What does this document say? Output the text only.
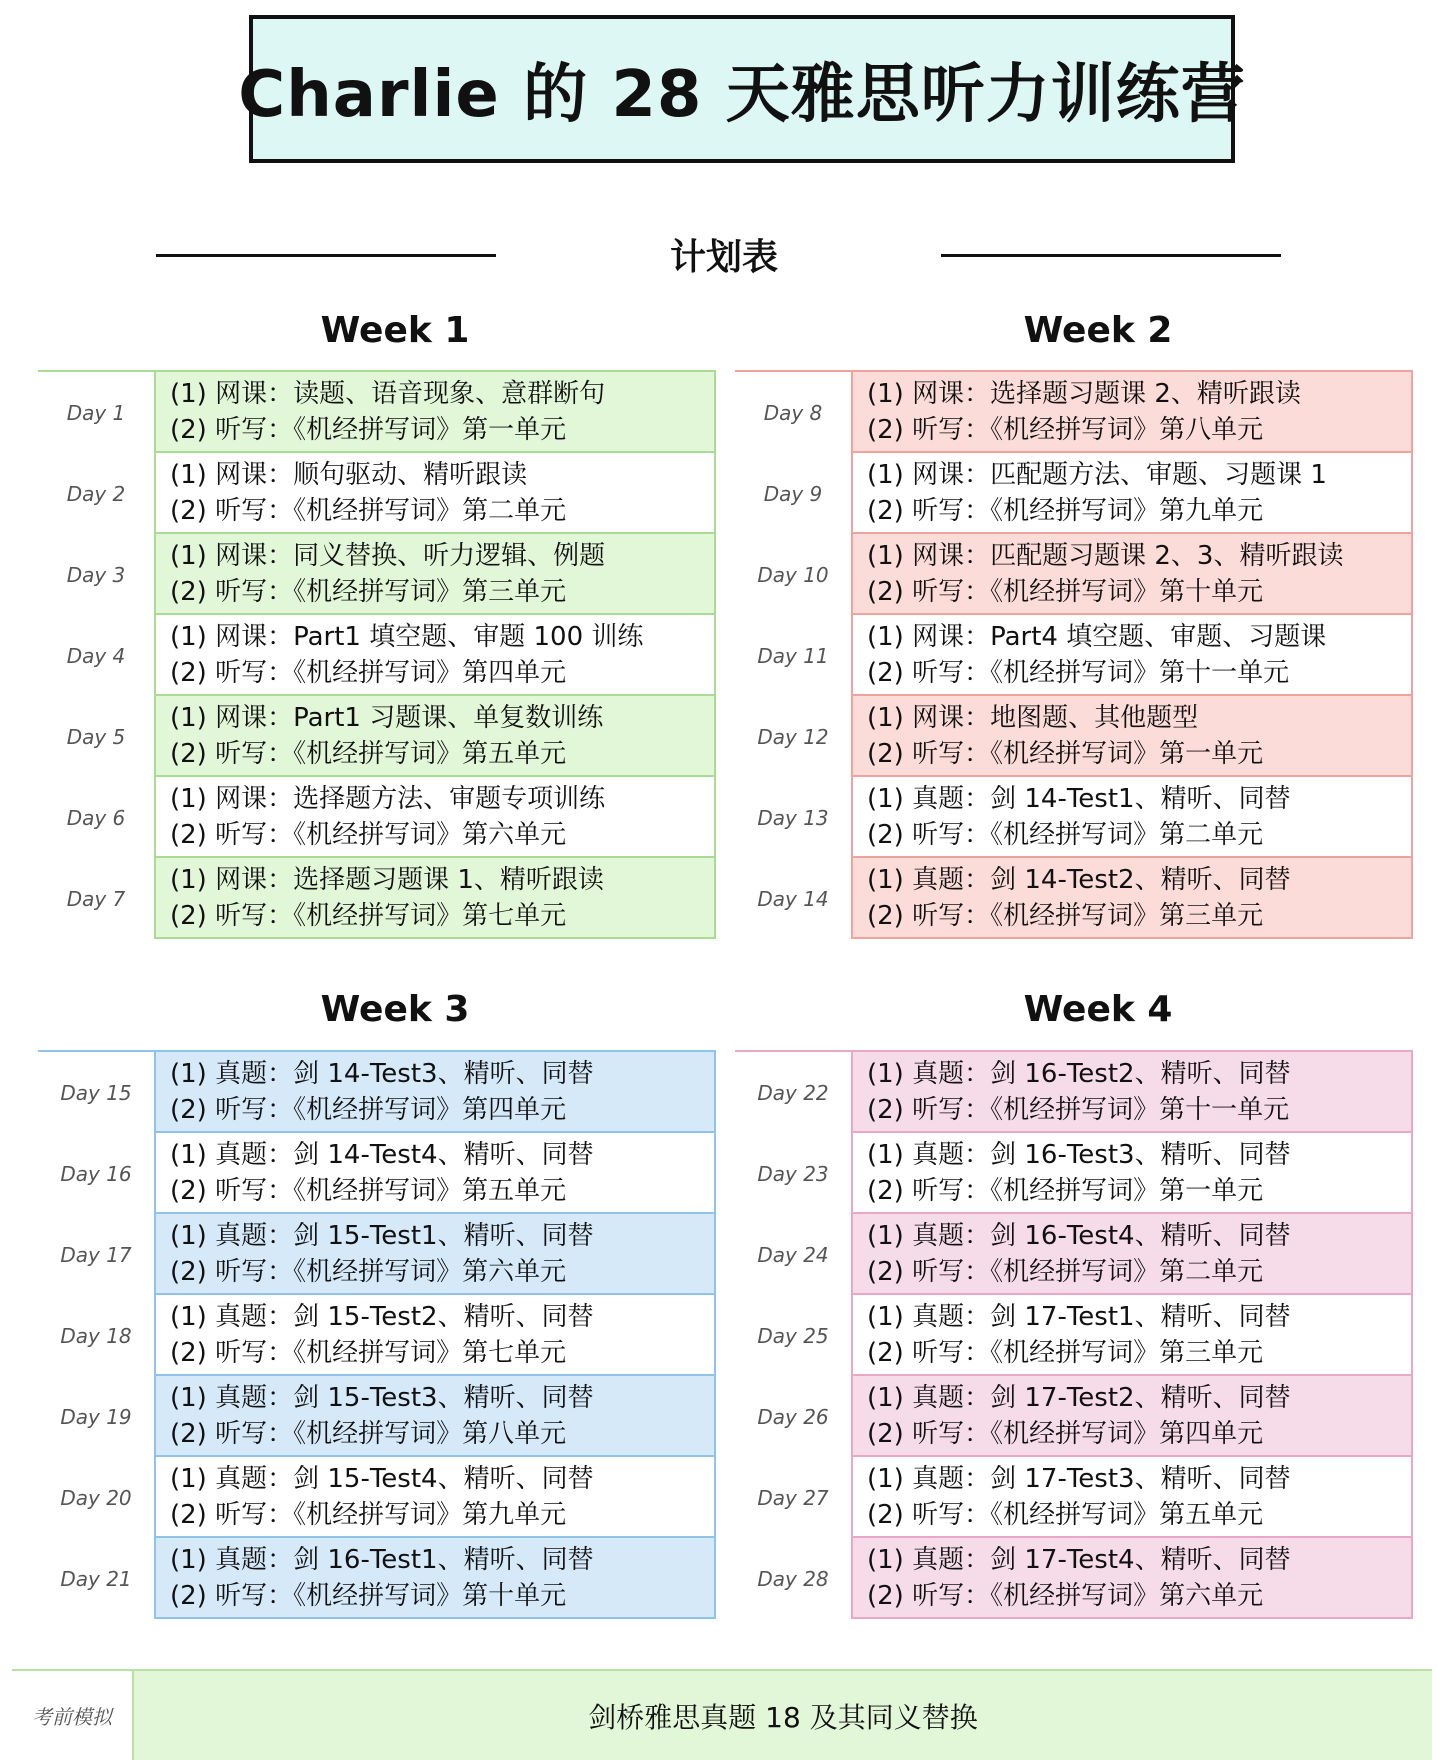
Charlie 的 28 天雅思听力训练营
计划表
Week 1
Day 1
(1) 网课：读题、语音现象、意群断句
(2) 听写：《机经拼写词》第一单元
Day 2
(1) 网课：顺句驱动、精听跟读
(2) 听写：《机经拼写词》第二单元
Day 3
(1) 网课：同义替换、听力逻辑、例题
(2) 听写：《机经拼写词》第三单元
Day 4
(1) 网课：Part1 填空题、审题 100 训练
(2) 听写：《机经拼写词》第四单元
Day 5
(1) 网课：Part1 习题课、单复数训练
(2) 听写：《机经拼写词》第五单元
Day 6
(1) 网课：选择题方法、审题专项训练
(2) 听写：《机经拼写词》第六单元
Day 7
(1) 网课：选择题习题课 1、精听跟读
(2) 听写：《机经拼写词》第七单元
Week 2
Day 8
(1) 网课：选择题习题课 2、精听跟读
(2) 听写：《机经拼写词》第八单元
Day 9
(1) 网课：匹配题方法、审题、习题课 1
(2) 听写：《机经拼写词》第九单元
Day 10
(1) 网课：匹配题习题课 2、3、精听跟读
(2) 听写：《机经拼写词》第十单元
Day 11
(1) 网课：Part4 填空题、审题、习题课
(2) 听写：《机经拼写词》第十一单元
Day 12
(1) 网课：地图题、其他题型
(2) 听写：《机经拼写词》第一单元
Day 13
(1) 真题：剑 14-Test1、精听、同替
(2) 听写：《机经拼写词》第二单元
Day 14
(1) 真题：剑 14-Test2、精听、同替
(2) 听写：《机经拼写词》第三单元
Week 3
Day 15
(1) 真题：剑 14-Test3、精听、同替
(2) 听写：《机经拼写词》第四单元
Day 16
(1) 真题：剑 14-Test4、精听、同替
(2) 听写：《机经拼写词》第五单元
Day 17
(1) 真题：剑 15-Test1、精听、同替
(2) 听写：《机经拼写词》第六单元
Day 18
(1) 真题：剑 15-Test2、精听、同替
(2) 听写：《机经拼写词》第七单元
Day 19
(1) 真题：剑 15-Test3、精听、同替
(2) 听写：《机经拼写词》第八单元
Day 20
(1) 真题：剑 15-Test4、精听、同替
(2) 听写：《机经拼写词》第九单元
Day 21
(1) 真题：剑 16-Test1、精听、同替
(2) 听写：《机经拼写词》第十单元
Week 4
Day 22
(1) 真题：剑 16-Test2、精听、同替
(2) 听写：《机经拼写词》第十一单元
Day 23
(1) 真题：剑 16-Test3、精听、同替
(2) 听写：《机经拼写词》第一单元
Day 24
(1) 真题：剑 16-Test4、精听、同替
(2) 听写：《机经拼写词》第二单元
Day 25
(1) 真题：剑 17-Test1、精听、同替
(2) 听写：《机经拼写词》第三单元
Day 26
(1) 真题：剑 17-Test2、精听、同替
(2) 听写：《机经拼写词》第四单元
Day 27
(1) 真题：剑 17-Test3、精听、同替
(2) 听写：《机经拼写词》第五单元
Day 28
(1) 真题：剑 17-Test4、精听、同替
(2) 听写：《机经拼写词》第六单元
考前模拟	剑桥雅思真题 18 及其同义替换
